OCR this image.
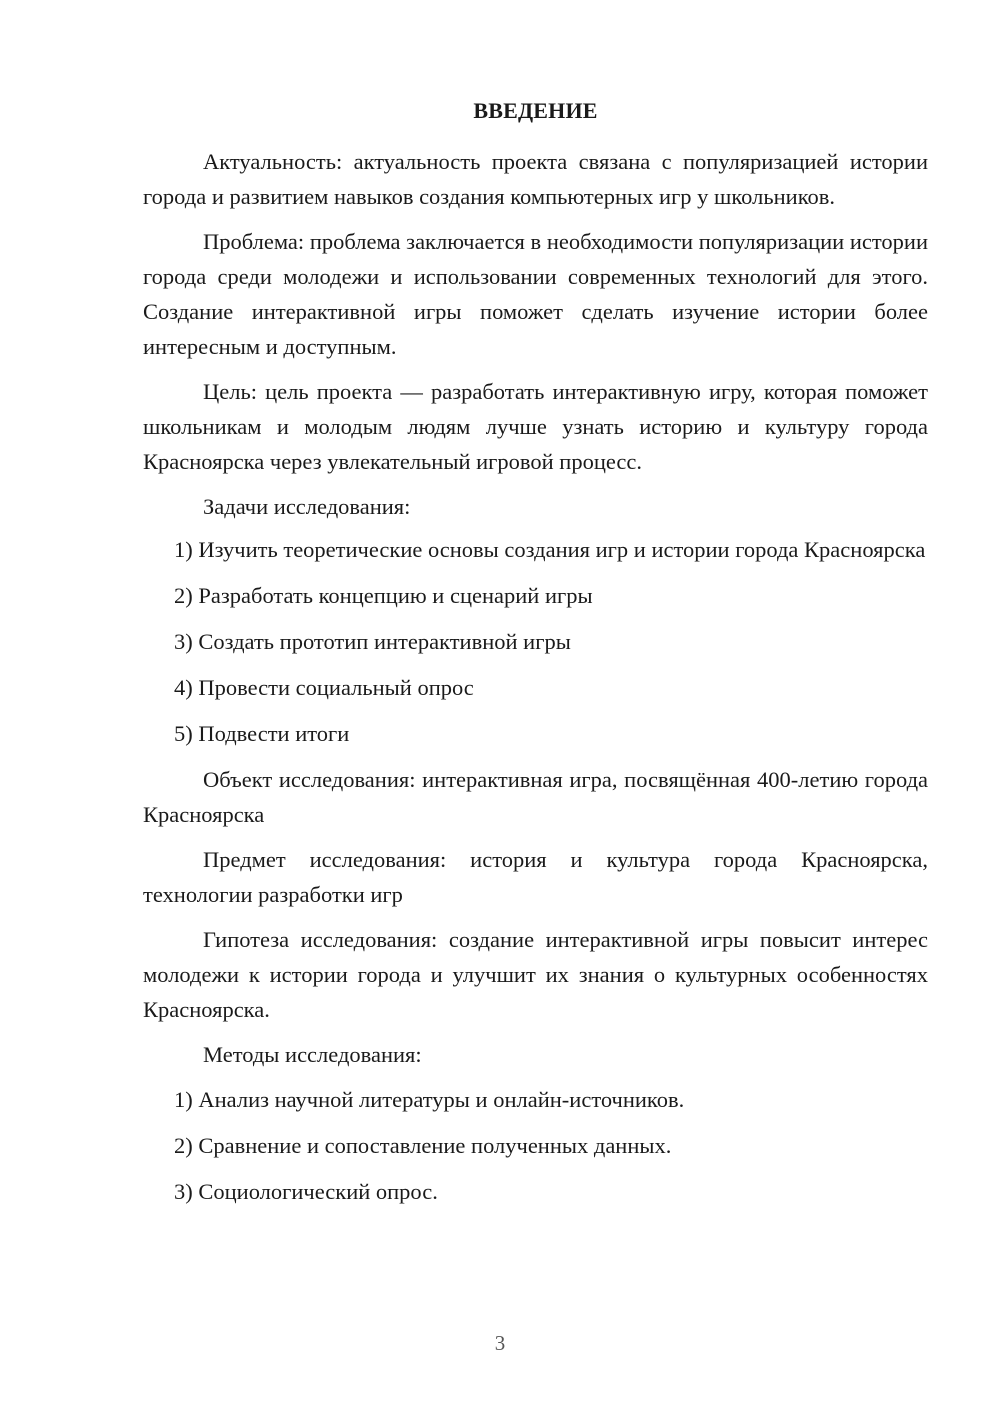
ВВЕДЕНИЕ

Актуальность: актуальность проекта связана с популяризацией истории города и развитием навыков создания компьютерных игр у школьников.

Проблема: проблема заключается в необходимости популяризации истории города среди молодежи и использовании современных технологий для этого. Создание интерактивной игры поможет сделать изучение истории более интересным и доступным.

Цель: цель проекта — разработать интерактивную игру, которая поможет школьникам и молодым людям лучше узнать историю и культуру города Красноярска через увлекательный игровой процесс.

Задачи исследования:

1) Изучить теоретические основы создания игр и истории города Красноярска

2) Разработать концепцию и сценарий игры

3) Создать прототип интерактивной игры

4) Провести социальный опрос

5) Подвести итоги

Объект исследования: интерактивная игра, посвящённая 400-летию города Красноярска

Предмет исследования: история и культура города Красноярска, технологии разработки игр

Гипотеза исследования: создание интерактивной игры повысит интерес молодежи к истории города и улучшит их знания о культурных особенностях Красноярска.

Методы исследования:

1) Анализ научной литературы и онлайн-источников.

2) Сравнение и сопоставление полученных данных.

3) Социологический опрос.

3
